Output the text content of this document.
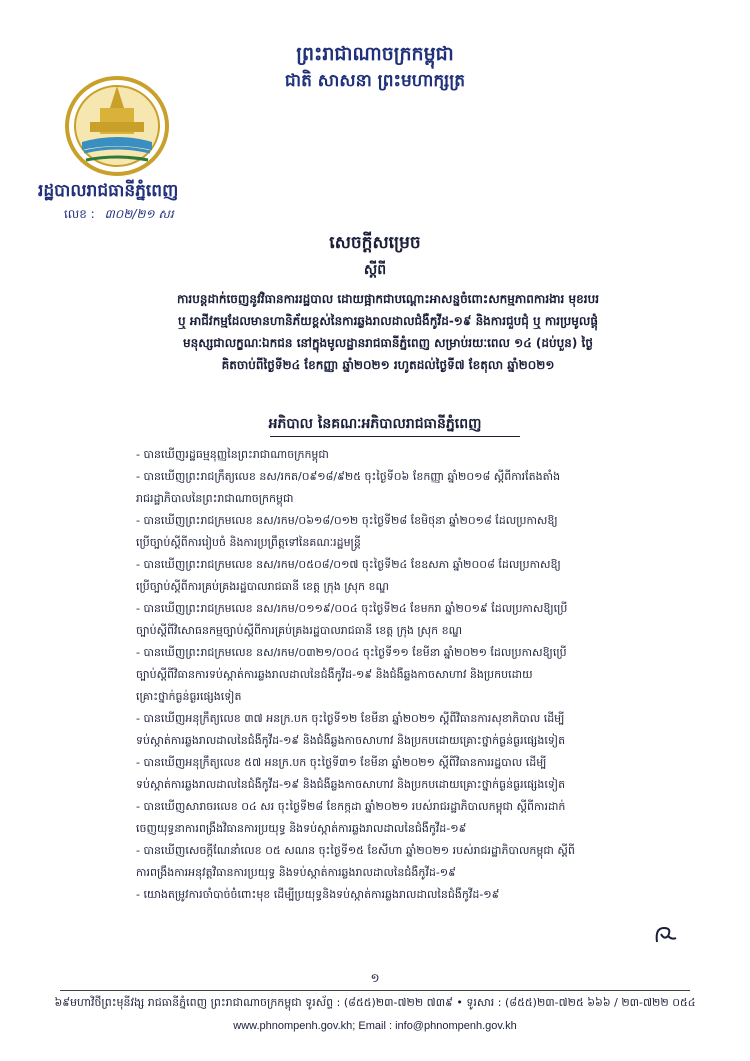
ព្រះរាជាណាចក្រកម្ពុជា
ជាតិ សាសនា ព្រះមហាក្សត្រ
រដ្ឋបាលរាជធានីភ្នំពេញ
លេខ : ៣០២/២១ សរ
សេចក្តីសម្រេច
ស្តីពី
ការបន្តដាក់ចេញនូវវិធានការរដ្ឋបាល ដោយផ្អាកជាបណ្តោះអាសន្នចំពោះសកម្មភាពការងារ មុខរបរ
ឬ អាជីវកម្មដែលមានហានិភ័យខ្ពស់នៃការឆ្លងរាលដាលជំងឺកូវីដ-១៩ និងការជួបជុំ ឬ ការប្រមូលផ្តុំ
មនុស្សជាលក្ខណៈឯកជន នៅក្នុងមូលដ្ឋានរាជធានីភ្នំពេញ សម្រាប់រយៈពេល ១៤ (ដប់បួន) ថ្ងៃ
គិតចាប់ពីថ្ងៃទី២៤ ខែកញ្ញា ឆ្នាំ២០២១ រហូតដល់ថ្ងៃទី៧ ខែតុលា ឆ្នាំ២០២១
អភិបាល នៃគណៈអភិបាលរាជធានីភ្នំពេញ
- បានឃើញរដ្ឋធម្មនុញ្ញនៃព្រះរាជាណាចក្រកម្ពុជា
- បានឃើញព្រះរាជក្រឹត្យលេខ នស/រកត/០៩១៨/៩២៥ ចុះថ្ងៃទី០៦ ខែកញ្ញា ឆ្នាំ២០១៨ ស្តីពីការតែងតាំង
រាជរដ្ឋាភិបាលនៃព្រះរាជាណាចក្រកម្ពុជា
- បានឃើញព្រះរាជក្រមលេខ នស/រកម/០៦១៨/០១២ ចុះថ្ងៃទី២៨ ខែមិថុនា ឆ្នាំ២០១៨ ដែលប្រកាសឱ្យ
ប្រើច្បាប់ស្តីពីការរៀបចំ និងការប្រព្រឹត្តទៅនៃគណៈរដ្ឋមន្ត្រី
- បានឃើញព្រះរាជក្រមលេខ នស/រកម/០៥០៨/០១៧ ចុះថ្ងៃទី២៤ ខែឧសភា ឆ្នាំ២០០៨ ដែលប្រកាសឱ្យ
ប្រើច្បាប់ស្តីពីការគ្រប់គ្រងរដ្ឋបាលរាជធានី ខេត្ត ក្រុង ស្រុក ខណ្ឌ
- បានឃើញព្រះរាជក្រមលេខ នស/រកម/០១១៩/០០៤ ចុះថ្ងៃទី២៤ ខែមករា ឆ្នាំ២០១៩ ដែលប្រកាសឱ្យប្រើ
ច្បាប់ស្តីពីវិសោធនកម្មច្បាប់ស្តីពីការគ្រប់គ្រងរដ្ឋបាលរាជធានី ខេត្ត ក្រុង ស្រុក ខណ្ឌ
- បានឃើញព្រះរាជក្រមលេខ នស/រកម/០៣២១/០០៤ ចុះថ្ងៃទី១១ ខែមីនា ឆ្នាំ២០២១ ដែលប្រកាសឱ្យប្រើ
ច្បាប់ស្តីពីវិធានការទប់ស្កាត់ការឆ្លងរាលដាលនៃជំងឺកូវីដ-១៩ និងជំងឺឆ្លងកាចសាហាវ និងប្រកបដោយ
គ្រោះថ្នាក់ធ្ងន់ធ្ងរផ្សេងទៀត
- បានឃើញអនុក្រឹត្យលេខ ៣៧ អនក្រ.បក ចុះថ្ងៃទី១២ ខែមីនា ឆ្នាំ២០២១ ស្តីពីវិធានការសុខាភិបាល ដើម្បី
ទប់ស្កាត់ការឆ្លងរាលដាលនៃជំងឺកូវីដ-១៩ និងជំងឺឆ្លងកាចសាហាវ និងប្រកបដោយគ្រោះថ្នាក់ធ្ងន់ធ្ងរផ្សេងទៀត
- បានឃើញអនុក្រឹត្យលេខ ៥៧ អនក្រ.បក ចុះថ្ងៃទី៣១ ខែមីនា ឆ្នាំ២០២១ ស្តីពីវិធានការរដ្ឋបាល ដើម្បី
ទប់ស្កាត់ការឆ្លងរាលដាលនៃជំងឺកូវីដ-១៩ និងជំងឺឆ្លងកាចសាហាវ និងប្រកបដោយគ្រោះថ្នាក់ធ្ងន់ធ្ងរផ្សេងទៀត
- បានឃើញសារាចរលេខ ០៤ សរ ចុះថ្ងៃទី២៨ ខែកក្កដា ឆ្នាំ២០២១ របស់រាជរដ្ឋាភិបាលកម្ពុជា ស្តីពីការដាក់
ចេញយុទ្ធនាការពង្រឹងវិធានការប្រយុទ្ធ និងទប់ស្កាត់ការឆ្លងរាលដាលនៃជំងឺកូវីដ-១៩
- បានឃើញសេចក្តីណែនាំលេខ ០៥ សណន ចុះថ្ងៃទី១៥ ខែសីហា ឆ្នាំ២០២១ របស់រាជរដ្ឋាភិបាលកម្ពុជា ស្តីពី
ការពង្រឹងការអនុវត្តវិធានការប្រយុទ្ធ និងទប់ស្កាត់ការឆ្លងរាលដាលនៃជំងឺកូវីដ-១៩
- យោងតម្រូវការចាំបាច់ចំពោះមុខ ដើម្បីប្រយុទ្ធនិងទប់ស្កាត់ការឆ្លងរាលដាលនៃជំងឺកូវីដ-១៩
១
៦៩មហាវិថីព្រះមុនីវង្ស រាជធានីភ្នំពេញ ព្រះរាជាណាចក្រកម្ពុជា ទូរស័ព្ទ : (៨៥៥)២៣-៧២២ ៧៣៩ • ទូរសារ : (៨៥៥)២៣-៧២៥ ៦៦៦ / ២៣-៧២២ ០៥៤
www.phnompenh.gov.kh; Email : info@phnompenh.gov.kh
